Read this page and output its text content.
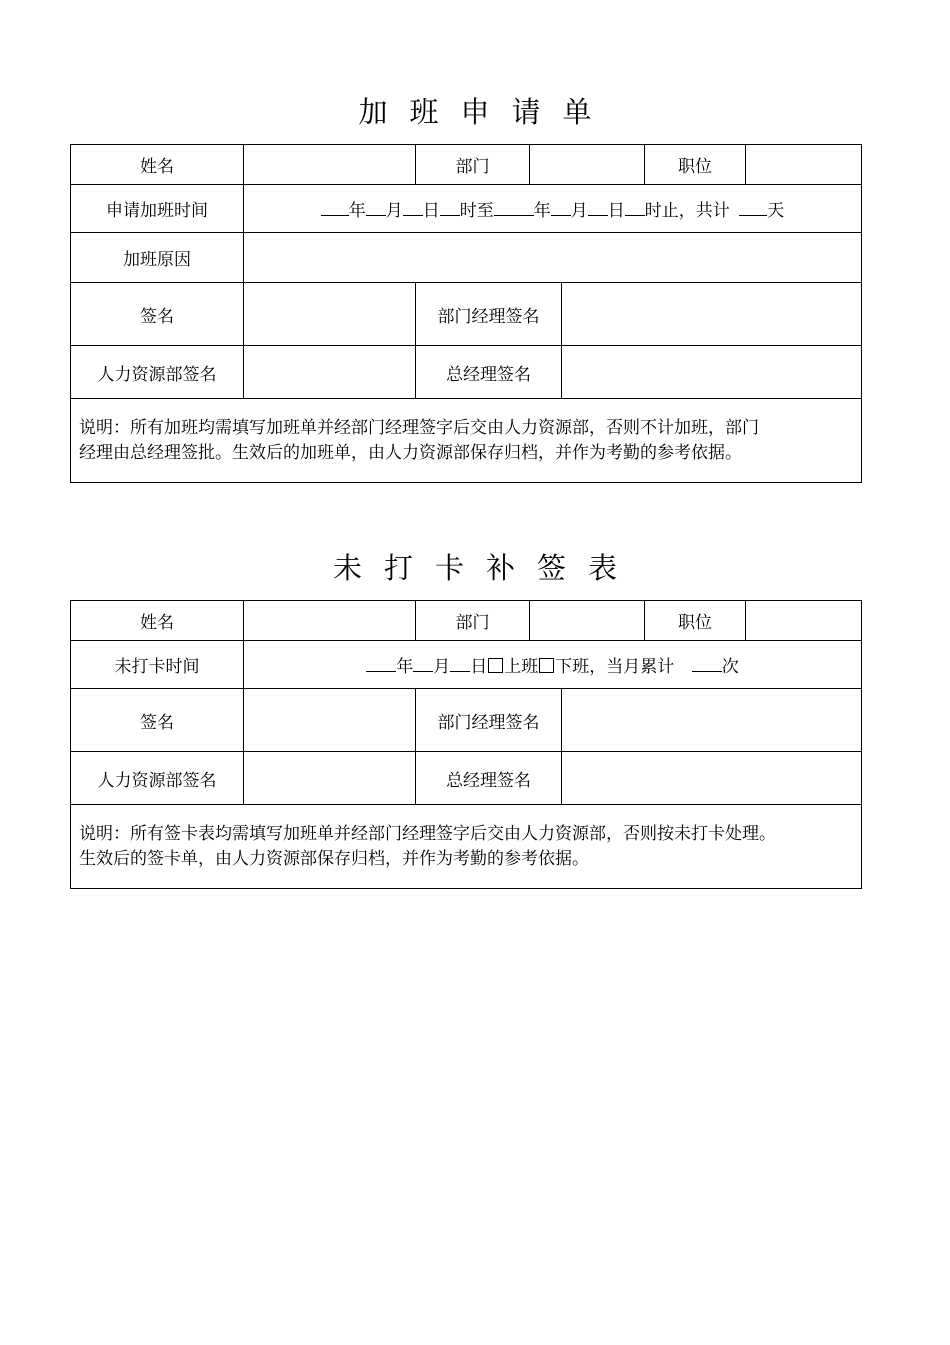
加班申请单
姓名		部门			职位	
申请加班时间	年 月 日 时至 年 月 日 时止，共计 天					
加班原因						
签名		部门经理签名				
人力资源部签名		总经理签名				

说明：所有加班均需填写加班单并经部门经理签字后交由人力资源部，否则不计加班，部门
经理由总经理签批。生效后的加班单，由人力资源部保存归档，并作为考勤的参考依据。						
未打卡补签表
姓名		部门			职位	
未打卡时间	年 月 日 上班 下班，当月累计 次					
签名		部门经理签名				
人力资源部签名		总经理签名				

说明：所有签卡表均需填写加班单并经部门经理签字后交由人力资源部，否则按未打卡处理。
生效后的签卡单，由人力资源部保存归档，并作为考勤的参考依据。						
